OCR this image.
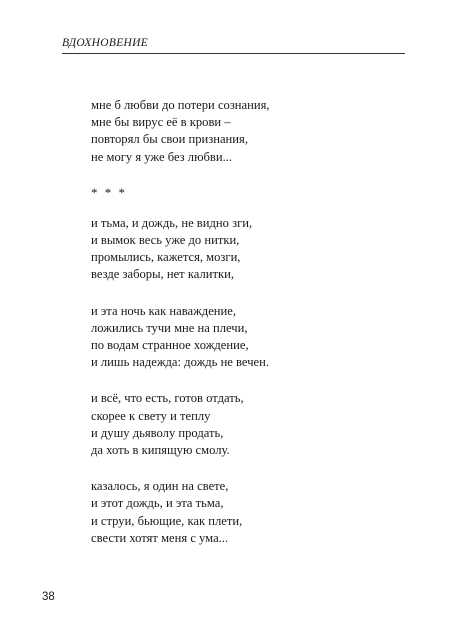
ВДОХНОВЕНИЕ
мне б любви до потери сознания,
мне бы вирус её в крови –
повторял бы свои признания,
не могу я уже без любви...
* * *
и тьма, и дождь, не видно зги,
и вымок весь уже до нитки,
промылись, кажется, мозги,
везде заборы, нет калитки,
и эта ночь как наваждение,
ложились тучи мне на плечи,
по водам странное хождение,
и лишь надежда: дождь не вечен.
и всё, что есть, готов отдать,
скорее к свету и теплу
и душу дьяволу продать,
да хоть в кипящую смолу.
казалось, я один на свете,
и этот дождь, и эта тьма,
и струи, бьющие, как плети,
свести хотят меня с ума...
38
